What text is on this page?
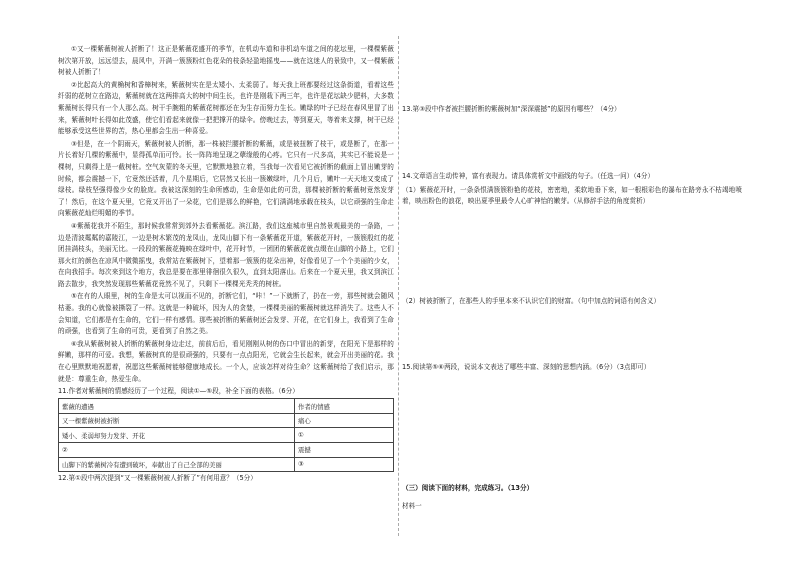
①又一棵紫薇树被人折断了！这正是紫薇花盛开的季节，在机动车道和非机动车道之间的花坛里，一棵棵紫薇树次第开放，远远望去，晨风中，开满一簇簇粉红色花朵的枝条轻盈地摇曳——就在这迷人的景致中，又一棵紫薇树被人折断了！

②比起高大的黄桷树和香樟树来，紫薇树实在是太矮小、太柔弱了。每天我上班都要经过这条街道，看着这些纤弱的花树立在路边，紫薇树就在这两排高大的树中间生长，也许是刚栽下两三年，也许是花坛缺少肥料，大多数紫薇树长得只有一个人那么高。树干手腕粗的紫薇花树都还在为生存而努力生长。嫩绿的叶子已经在春风里冒了出来，紫薇树叶长得如此茂盛，使它们看起来就像一把把撑开的绿伞。傍晚过去，等到夏天，等着来支撑，树干已经能够承受这些世界的苦，热心里都会生出一种喜爱。

③但是，在一个阴雨天，紫薇树被人折断，那一株被拦腰折断的紫薇，或是被扭断了枝干，或是断了，在那一片长着好几棵的紫薇中，显得孤单而可怜。长一阵阵地呈现之孽缘般的心疼。它只有一尺多高，其实已不能说是一棵树，只剩得上是一截树桩。空气灰蒙的冬天里，它默默地独立着，当我每一次看见它被折断的截面上冒出嫩芽的时候，都会震撼一下，它竟然还活着，几个星期后，它居然又长出一簇嫩绿叶，几个月后，嫩叶一天天地又变成了绿枝。绿枝坚强得像少女的脸庞。我被这深刻的生命所感动，生命是如此的可贵，那棵被折断的紫薇树竟然发芽了！然后，在这个夏天里，它竟又开出了一朵花，它们是那么的鲜艳，它们满满地承载在枝头，以它顽强的生命走向紫薇花灿烂明媚的季节。

④紫薇花我并不陌生，那时候我常常到郊外去看紫薇花。滨江路，我们这座城市里自然景观最美的一条路，一边是清波粼粼的嘉陵江，一边是树木繁茂的龙凤山，龙凤山脚下有一条紫薇花开道，紫薇花开时，一簇簇殷红的花团挂满枝头，美丽无比。一段段的紫薇花掩映在绿叶中，花开时节，一团团的紫薇花就点缀在山脚的小路上，它们那火红的颜色在凉风中微微摇曳，我常站在紫薇树下，望着那一簇簇的花朵出神，好像看见了一个个美丽的少女，在向我招手。每次来到这个地方，我总是要在那里徘徊很久很久，直到太阳落山。后来在一个夏天里，我又到滨江路去散步，我突然发现那些紫薇花竟然不见了，只剩下一棵棵光秃秃的树桩。

⑤在有的人眼里，树的生命是太可以视而不见的，折断它们，“咔！”一下就断了，扔在一旁，那些树就会随风枯萎。我的心就像被撕裂了一样。这就是一种破坏，因为人的贪婪，一棵棵美丽的紫薇树就这样消失了。这些人不会知道，它们都是有生命的，它们一样有感情。那些被折断的紫薇树还会发芽、开花，在它们身上，我看到了生命的顽强，也看到了生命的可贵，更看到了自然之美。

⑥我从紫薇树被人折断的紫薇树身边走过，前前后后，看见刚刚从树的伤口中冒出的新芽，在阳光下是那样的鲜嫩，那样的可爱。我想，紫薇树真的是很顽强的，只要有一点点阳光，它就会生长起来，就会开出美丽的花。我在心里默默地祝愿着，祝愿这些紫薇树能够健康地成长。一个人，应该怎样对待生命？这紫薇树给了我们启示，那就是：尊重生命，热爱生命。

11.作者对紫薇树的情感经历了一个过程，阅读①—⑤段，补全下面的表格。（6分）

紫薇的遭遇	作者的情感
又一棵紫薇树被折断	痛心
矮小、柔弱却努力发芽、开花	①
②	震撼
山脚下的紫薇树冷有遭到破坏，奉献出了自己全部的美丽	③

12.第①段中两次提到“又一棵紫薇树被人折断了”有何用意？（5分）

13.第③段中作者被拦腰折断的紫薇树加“深深震撼”的原因有哪些？（4分）

14.文章语言生动传神，富有表现力。请具体赏析文中画线的句子。（任选一问）（4分）

（1）紫薇花开时，一条条恨满簇簇粉艳的花枝，密密地，柔软地垂下来，如一根根彩色的瀑布在路旁永不枯竭地喷着，映出粉色的浪花，映出夏季里最令人心旷神怡的嫩芽。（从修辞手法的角度赏析）

（2）树被折断了，在那些人的手里本来不认识它们的财富。（句中加点的词语有何含义）

15.阅读第⑤⑥两段，说说本文表达了哪些丰富、深刻的思想内涵。（6分）（3点即可）

（三）阅读下面的材料，完成练习。（13分）

材料一
